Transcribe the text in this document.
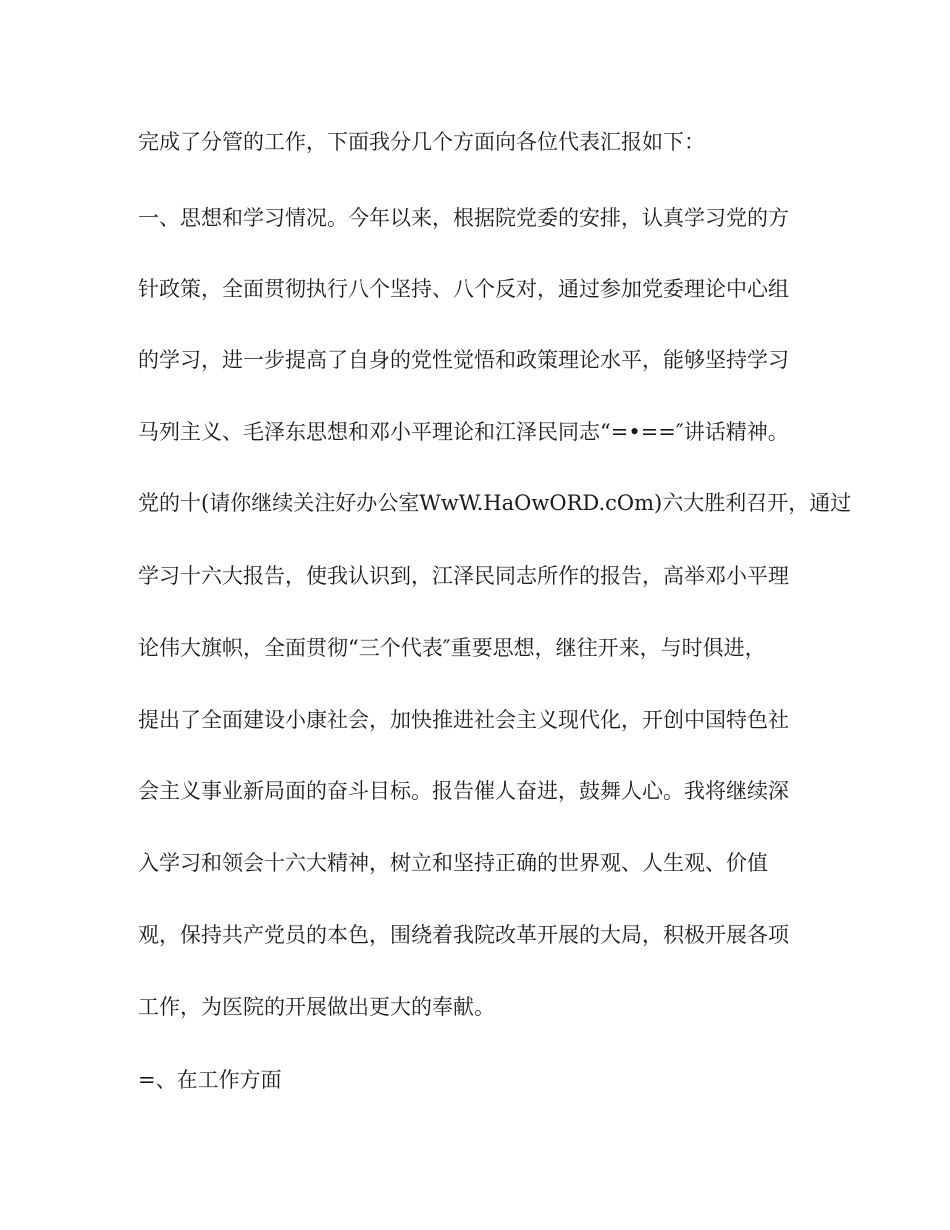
完成了分管的工作，下面我分几个方面向各位代表汇报如下：

一、思想和学习情况。今年以来，根据院党委的安排，认真学习党的方

针政策，全面贯彻执行八个坚持、八个反对，通过参加党委理论中心组

的学习，进一步提高了自身的党性觉悟和政策理论水平，能够坚持学习

马列主义、毛泽东思想和邓小平理论和江泽民同志“=•==″讲话精神。

党的十(请你继续关注好办公室WwW.HaOwORD.cOm)六大胜利召开，通过

学习十六大报告，使我认识到，江泽民同志所作的报告，高举邓小平理

论伟大旗帜，全面贯彻“三个代表″重要思想，继往开来，与时俱进，

提出了全面建设小康社会，加快推进社会主义现代化，开创中国特色社

会主义事业新局面的奋斗目标。报告催人奋进，鼓舞人心。我将继续深

入学习和领会十六大精神，树立和坚持正确的世界观、人生观、价值

观，保持共产党员的本色，围绕着我院改革开展的大局，积极开展各项

工作，为医院的开展做出更大的奉献。

=、在工作方面
